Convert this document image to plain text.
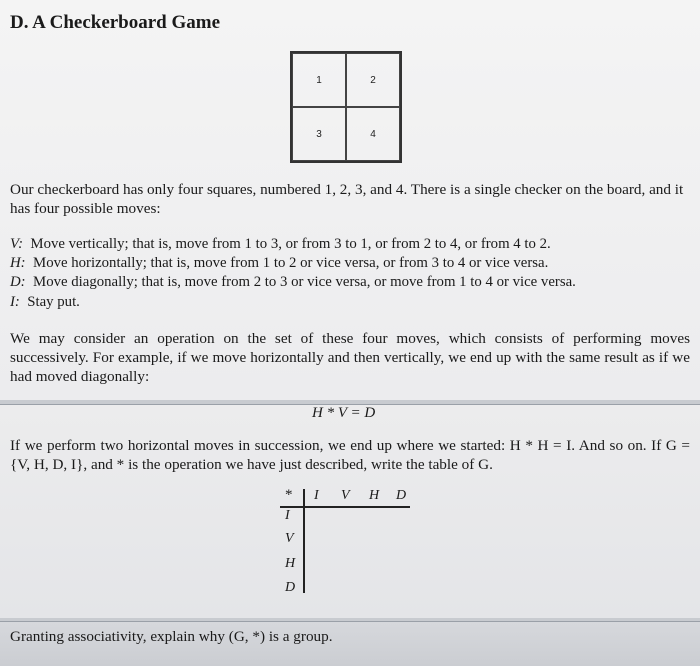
D. A Checkerboard Game
1	2
3	4
Our checkerboard has only four squares, numbered 1, 2, 3, and 4. There is a single checker on the board, and it has four possible moves:
V: Move vertically; that is, move from 1 to 3, or from 3 to 1, or from 2 to 4, or from 4 to 2.
H: Move horizontally; that is, move from 1 to 2 or vice versa, or from 3 to 4 or vice versa.
D: Move diagonally; that is, move from 2 to 3 or vice versa, or move from 1 to 4 or vice versa.
I: Stay put.
We may consider an operation on the set of these four moves, which consists of performing moves successively. For example, if we move horizontally and then vertically, we end up with the same result as if we had moved diagonally:
H * V = D
If we perform two horizontal moves in succession, we end up where we started: H * H = I. And so on. If G = {V, H, D, I}, and * is the operation we have just described, write the table of G.
* I V H D
I
V
H
D
Granting associativity, explain why (G, *) is a group.
